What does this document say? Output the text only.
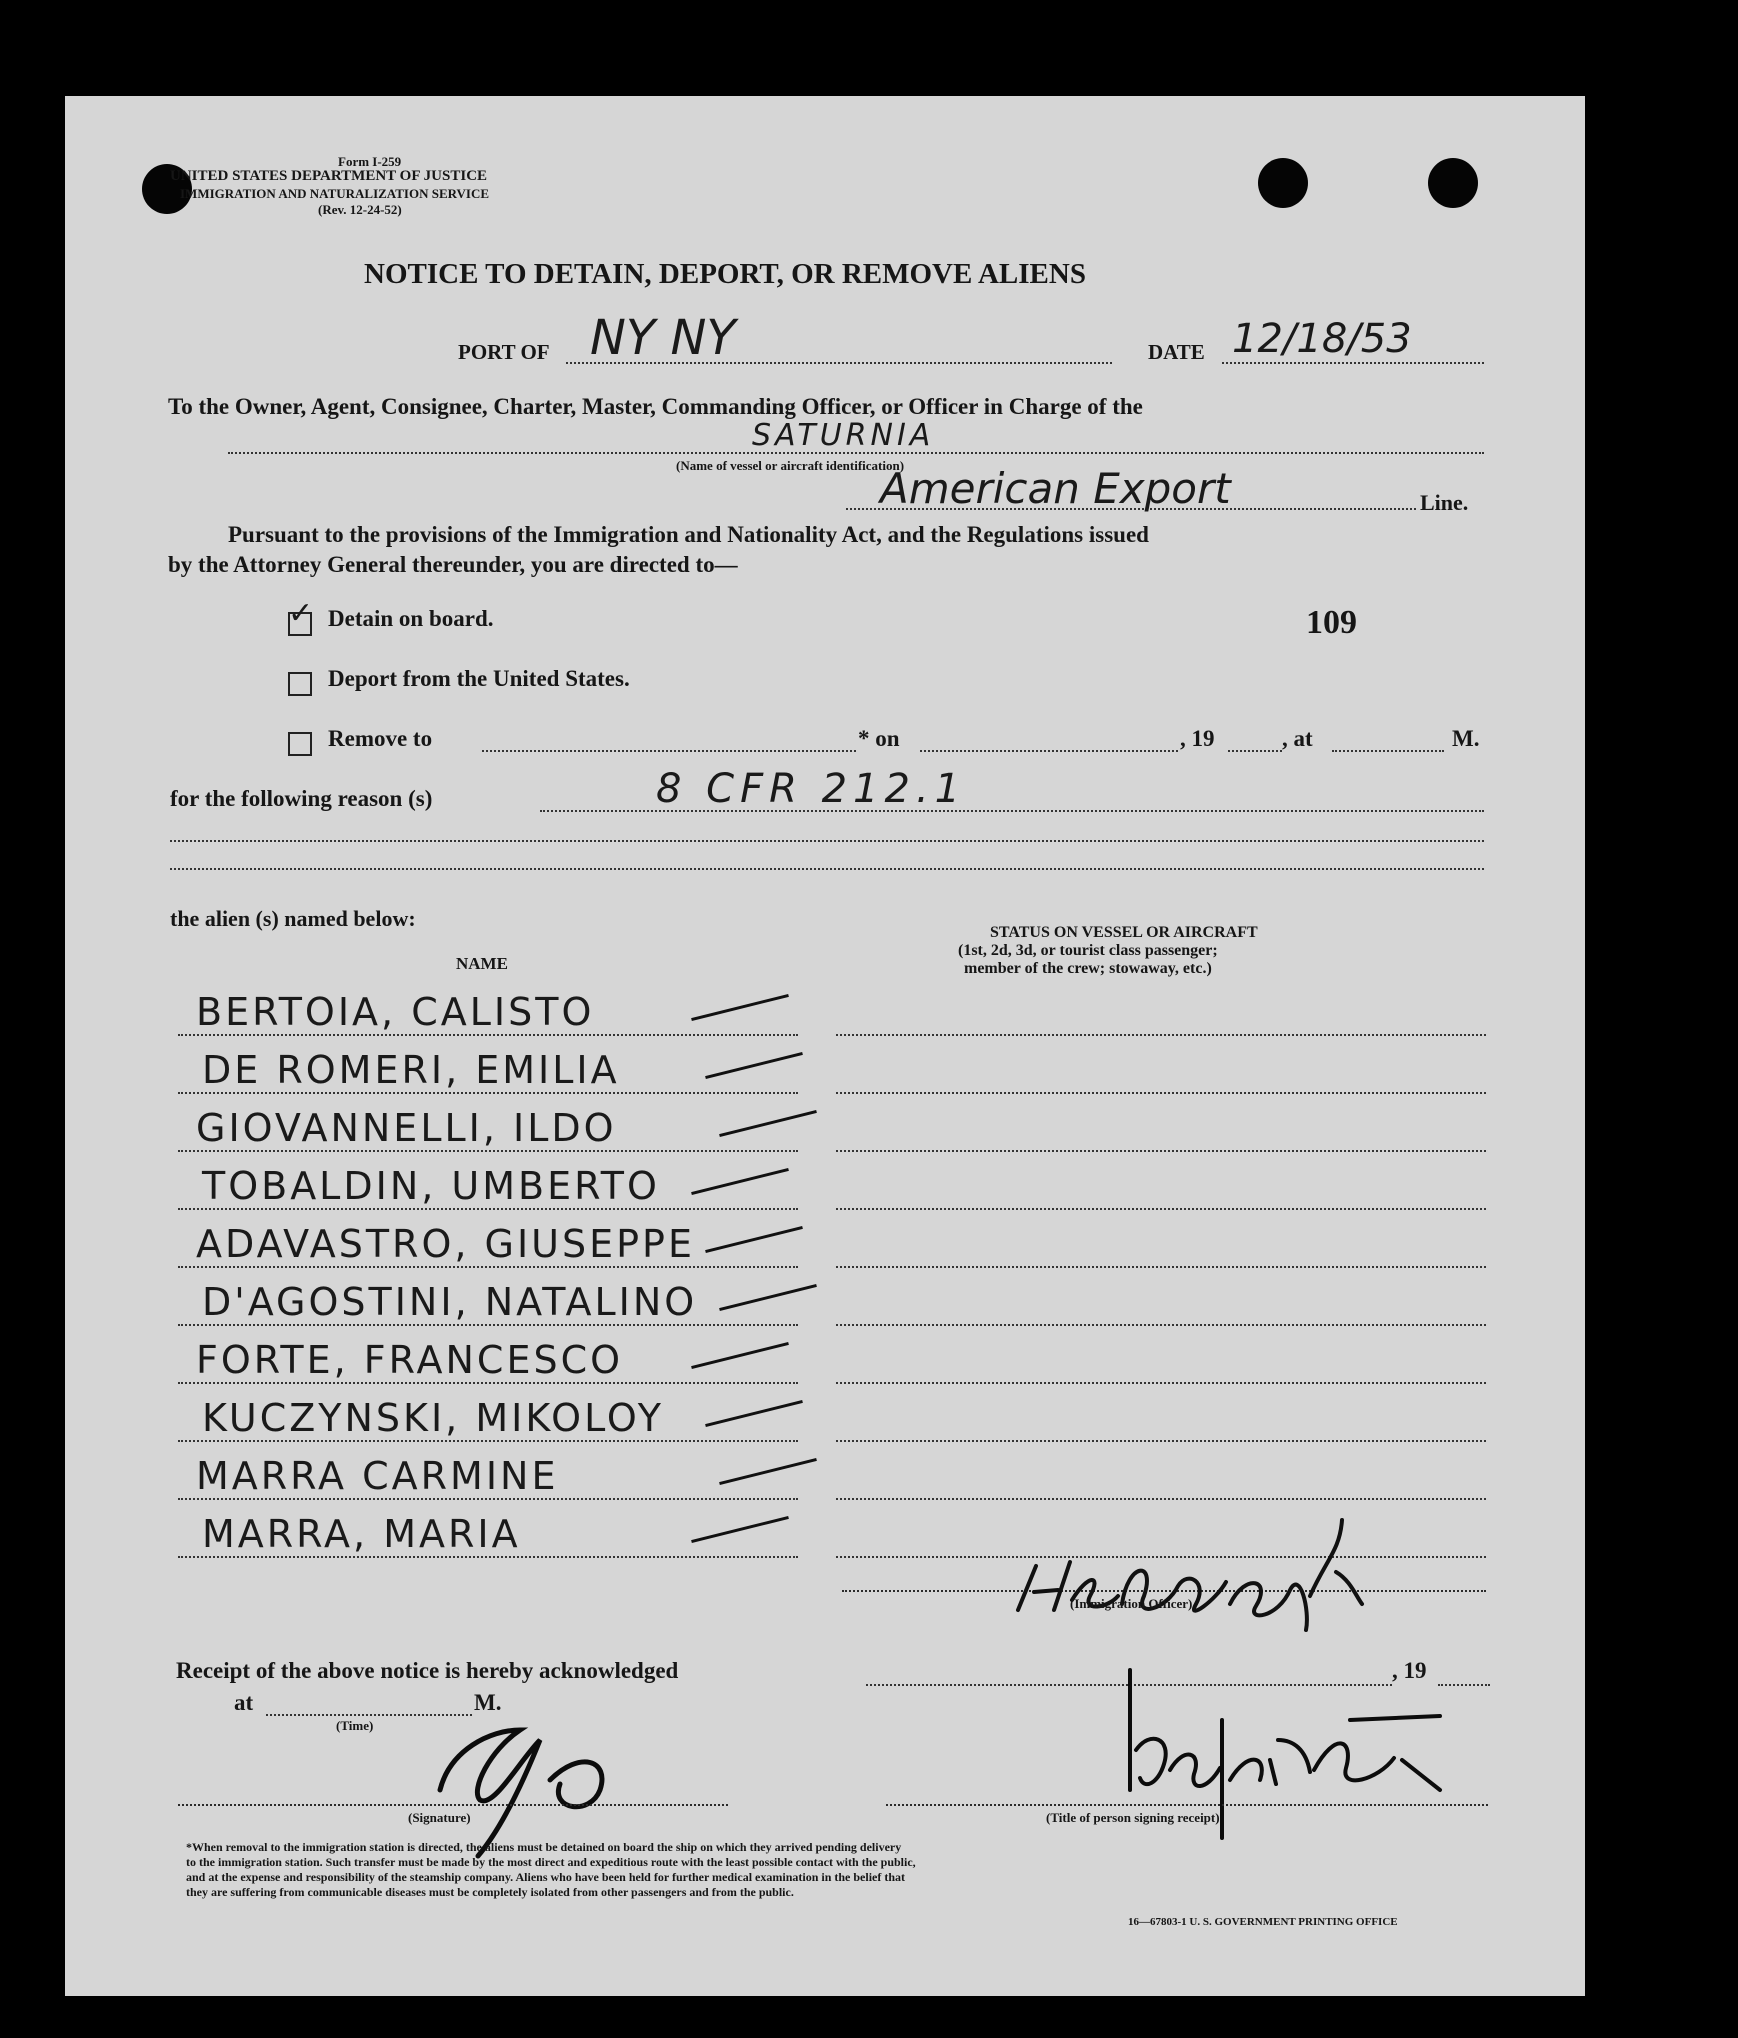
Form I-259
UNITED STATES DEPARTMENT OF JUSTICE
IMMIGRATION AND NATURALIZATION SERVICE
(Rev. 12-24-52)
NOTICE TO DETAIN, DEPORT, OR REMOVE ALIENS
PORT OF NY NY	DATE 12/18/53
To the Owner, Agent, Consignee, Charter, Master, Commanding Officer, or Officer in Charge of the
SATURNIA
(Name of vessel or aircraft identification)
American Export	Line.
Pursuant to the provisions of the Immigration and Nationality Act, and the Regulations issued
by the Attorney General thereunder, you are directed to—
✓ Detain on board.	109
Deport from the United States.
Remove to	* on	, 19	, at	M.
for the following reason (s)	8 CFR 212.1
the alien (s) named below:
NAME
STATUS ON VESSEL OR AIRCRAFT
(1st, 2d, 3d, or tourist class passenger;
member of the crew; stowaway, etc.)
BERTOIA, CALISTO
DE ROMERI, EMILIA
GIOVANNELLI, ILDO
TOBALDIN, UMBERTO
ADAVASTRO, GIUSEPPE
D'AGOSTINI, NATALINO
FORTE, FRANCESCO
KUCZYNSKI, MIKOLOY
MARRA CARMINE
MARRA, MARIA
(Immigration Officer)
Receipt of the above notice is hereby acknowledged	, 19
at	M.
(Time)
(Signature)	(Title of person signing receipt)
*When removal to the immigration station is directed, the aliens must be detained on board the ship on which they arrived pending delivery
to the immigration station. Such transfer must be made by the most direct and expeditious route with the least possible contact with the public,
and at the expense and responsibility of the steamship company. Aliens who have been held for further medical examination in the belief that
they are suffering from communicable diseases must be completely isolated from other passengers and from the public.
16—67803-1 U. S. GOVERNMENT PRINTING OFFICE
